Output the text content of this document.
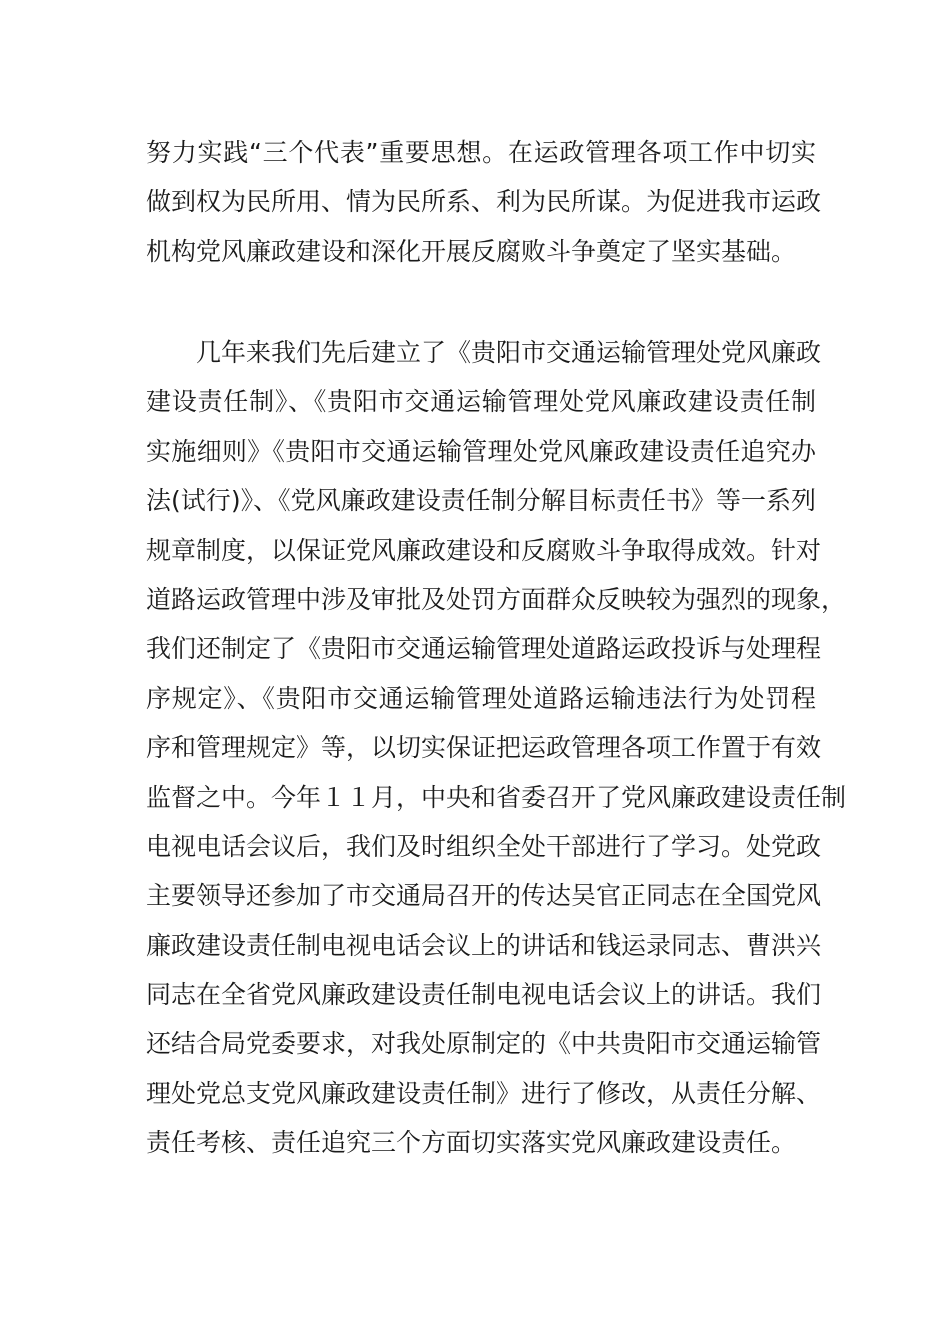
努力实践“三个代表”重要思想。在运政管理各项工作中切实
做到权为民所用、情为民所系、利为民所谋。为促进我市运政
机构党风廉政建设和深化开展反腐败斗争奠定了坚实基础。

几年来我们先后建立了《贵阳市交通运输管理处党风廉政
建设责任制》、《贵阳市交通运输管理处党风廉政建设责任制
实施细则》《贵阳市交通运输管理处党风廉政建设责任追究办
法(试行)》、《党风廉政建设责任制分解目标责任书》等一系列
规章制度，以保证党风廉政建设和反腐败斗争取得成效。针对
道路运政管理中涉及审批及处罚方面群众反映较为强烈的现象，
我们还制定了《贵阳市交通运输管理处道路运政投诉与处理程
序规定》、《贵阳市交通运输管理处道路运输违法行为处罚程
序和管理规定》等，以切实保证把运政管理各项工作置于有效
监督之中。今年１１月，中央和省委召开了党风廉政建设责任制
电视电话会议后，我们及时组织全处干部进行了学习。处党政
主要领导还参加了市交通局召开的传达吴官正同志在全国党风
廉政建设责任制电视电话会议上的讲话和钱运录同志、曹洪兴
同志在全省党风廉政建设责任制电视电话会议上的讲话。我们
还结合局党委要求，对我处原制定的《中共贵阳市交通运输管
理处党总支党风廉政建设责任制》进行了修改，从责任分解、
责任考核、责任追究三个方面切实落实党风廉政建设责任。
